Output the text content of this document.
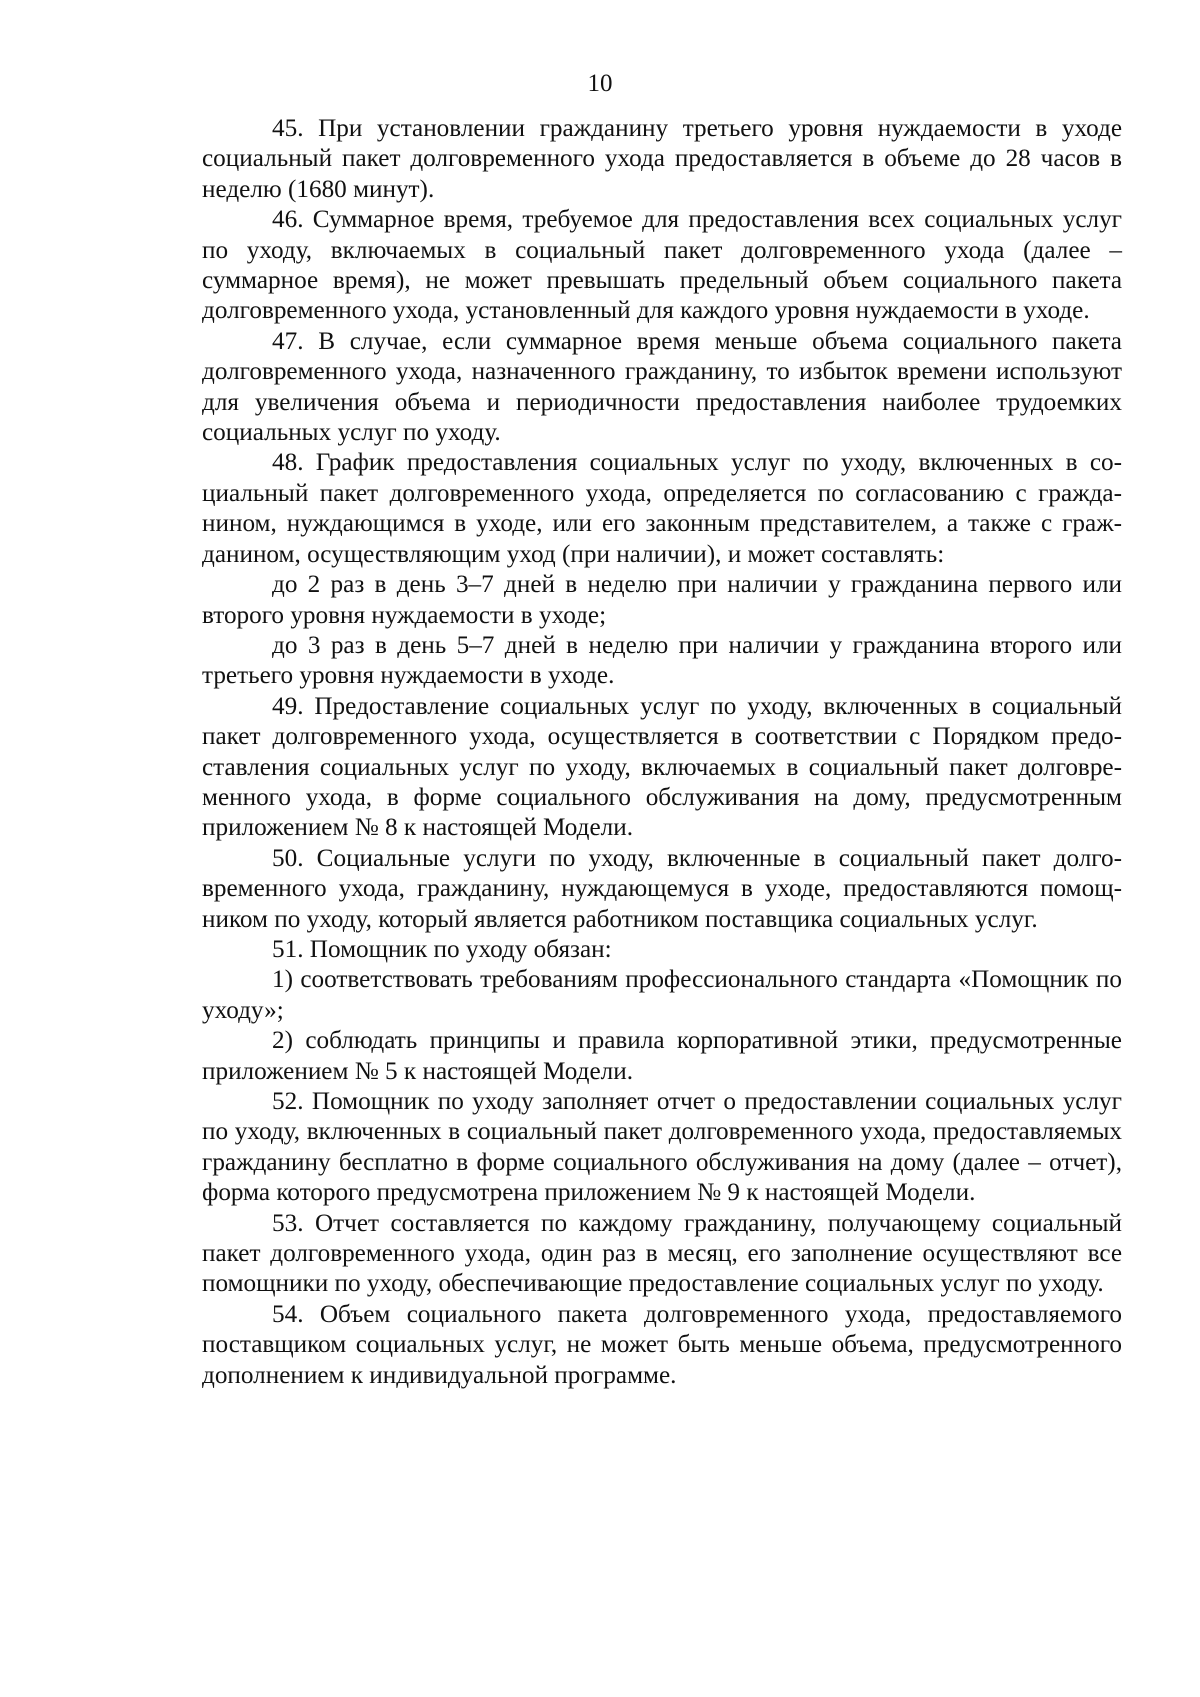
10

45. При установлении гражданину третьего уровня нуждаемости в уходе социальный пакет долговременного ухода предоставляется в объеме до 28 часов в неделю (1680 минут).

46. Суммарное время, требуемое для предоставления всех социальных услуг по уходу, включаемых в социальный пакет долговременного ухода (далее – суммарное время), не может превышать предельный объем социального пакета долговременного ухода, установленный для каждого уровня нуждаемости в уходе.

47. В случае, если суммарное время меньше объема социального пакета долговременного ухода, назначенного гражданину, то избыток времени используют для увеличения объема и периодичности предоставления наиболее трудоемких социальных услуг по уходу.

48. График предоставления социальных услуг по уходу, включенных в социальный пакет долговременного ухода, определяется по согласованию с гражданином, нуждающимся в уходе, или его законным представителем, а также с гражданином, осуществляющим уход (при наличии), и может составлять:

до 2 раз в день 3–7 дней в неделю при наличии у гражданина первого или второго уровня нуждаемости в уходе;

до 3 раз в день 5–7 дней в неделю при наличии у гражданина второго или третьего уровня нуждаемости в уходе.

49. Предоставление социальных услуг по уходу, включенных в социальный пакет долговременного ухода, осуществляется в соответствии с Порядком предоставления социальных услуг по уходу, включаемых в социальный пакет долговременного ухода, в форме социального обслуживания на дому, предусмотренным приложением № 8 к настоящей Модели.

50. Социальные услуги по уходу, включенные в социальный пакет долговременного ухода, гражданину, нуждающемуся в уходе, предоставляются помощником по уходу, который является работником поставщика социальных услуг.

51. Помощник по уходу обязан:

1) соответствовать требованиям профессионального стандарта «Помощник по уходу»;

2) соблюдать принципы и правила корпоративной этики, предусмотренные приложением № 5 к настоящей Модели.

52. Помощник по уходу заполняет отчет о предоставлении социальных услуг по уходу, включенных в социальный пакет долговременного ухода, предоставляемых гражданину бесплатно в форме социального обслуживания на дому (далее – отчет), форма которого предусмотрена приложением № 9 к настоящей Модели.

53. Отчет составляется по каждому гражданину, получающему социальный пакет долговременного ухода, один раз в месяц, его заполнение осуществляют все помощники по уходу, обеспечивающие предоставление социальных услуг по уходу.

54. Объем социального пакета долговременного ухода, предоставляемого поставщиком социальных услуг, не может быть меньше объема, предусмотренного дополнением к индивидуальной программе.
